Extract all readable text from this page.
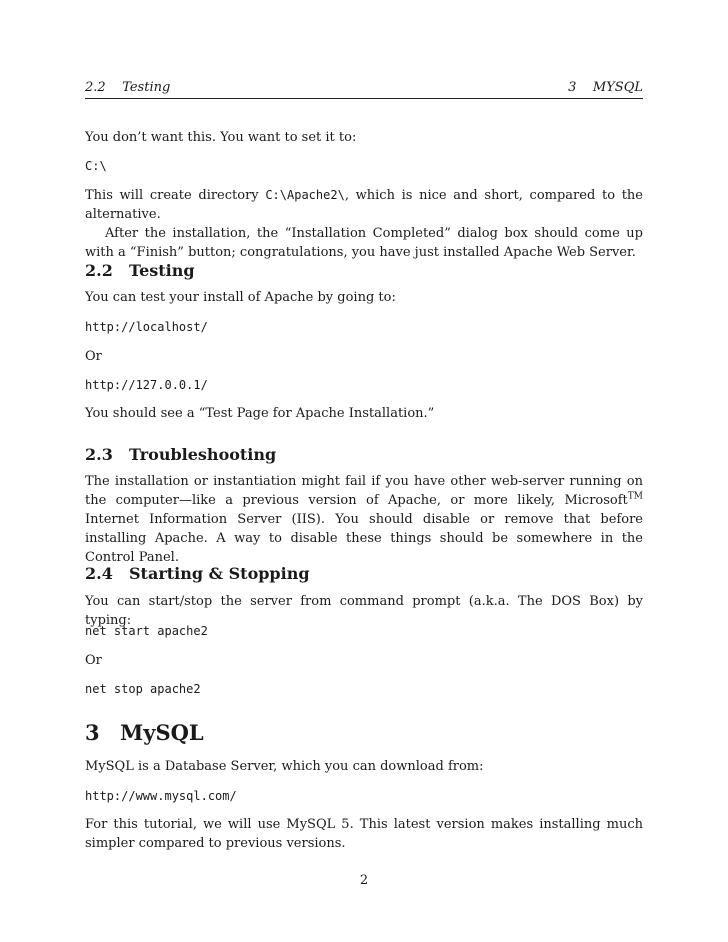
2.2    Testing	3    MYSQL

You don’t want this. You want to set it to:

C:\

This will create directory C:\Apache2\, which is nice and short, compared to the alternative.

After the installation, the “Installation Completed” dialog box should come up with a “Finish” button; congratulations, you have just installed Apache Web Server.

2.2 Testing

You can test your install of Apache by going to:

http://localhost/

Or

http://127.0.0.1/

You should see a “Test Page for Apache Installation.”

2.3 Troubleshooting

The installation or instantiation might fail if you have other web-server running on the computer—like a previous version of Apache, or more likely, Microsoft™ Internet Information Server (IIS). You should disable or remove that before installing Apache. A way to disable these things should be somewhere in the Control Panel.

2.4 Starting & Stopping

You can start/stop the server from command prompt (a.k.a. The DOS Box) by typing:

net start apache2

Or

net stop apache2

3 MySQL

MySQL is a Database Server, which you can download from:

http://www.mysql.com/

For this tutorial, we will use MySQL 5. This latest version makes installing much simpler compared to previous versions.

2
